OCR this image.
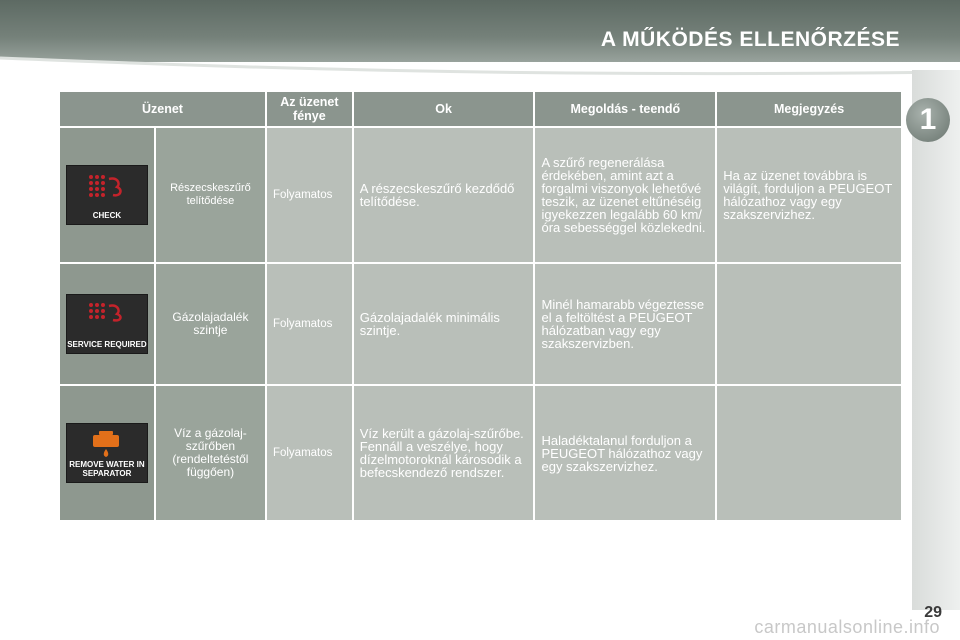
A MŰKÖDÉS ELLENŐRZÉSE
1
Üzenet		Az üzenet fénye	Ok	Megoldás - teendő	Megjegyzés

CHECK	Részecskeszűrő telítődése	Folyamatos	A részecskeszűrő kezdődő telítődése.	A szűrő regenerálása érdekében, amint azt a forgalmi viszonyok lehetővé teszik, az üzenet eltűnéséig igyekezzen legalább 60 km/óra sebességgel közlekedni.	Ha az üzenet továbbra is világít, forduljon a PEUGEOT hálózathoz vagy egy szakszervizhez.

SERVICE REQUIRED	Gázolajadalék szintje	Folyamatos	Gázolajadalék minimális szintje.	Minél hamarabb végeztesse el a feltöltést a PEUGEOT hálózatban vagy egy szakszervizben.	

REMOVE WATER IN SEPARATOR	Víz a gázolaj-szűrőben (rendeltetéstől függően)	Folyamatos	Víz került a gázolaj-szűrőbe. Fennáll a veszélye, hogy dízelmotoroknál károsodik a befecskendező rendszer.	Haladéktalanul forduljon a PEUGEOT hálózathoz vagy egy szakszervizhez.	
29
carmanualsonline.info
